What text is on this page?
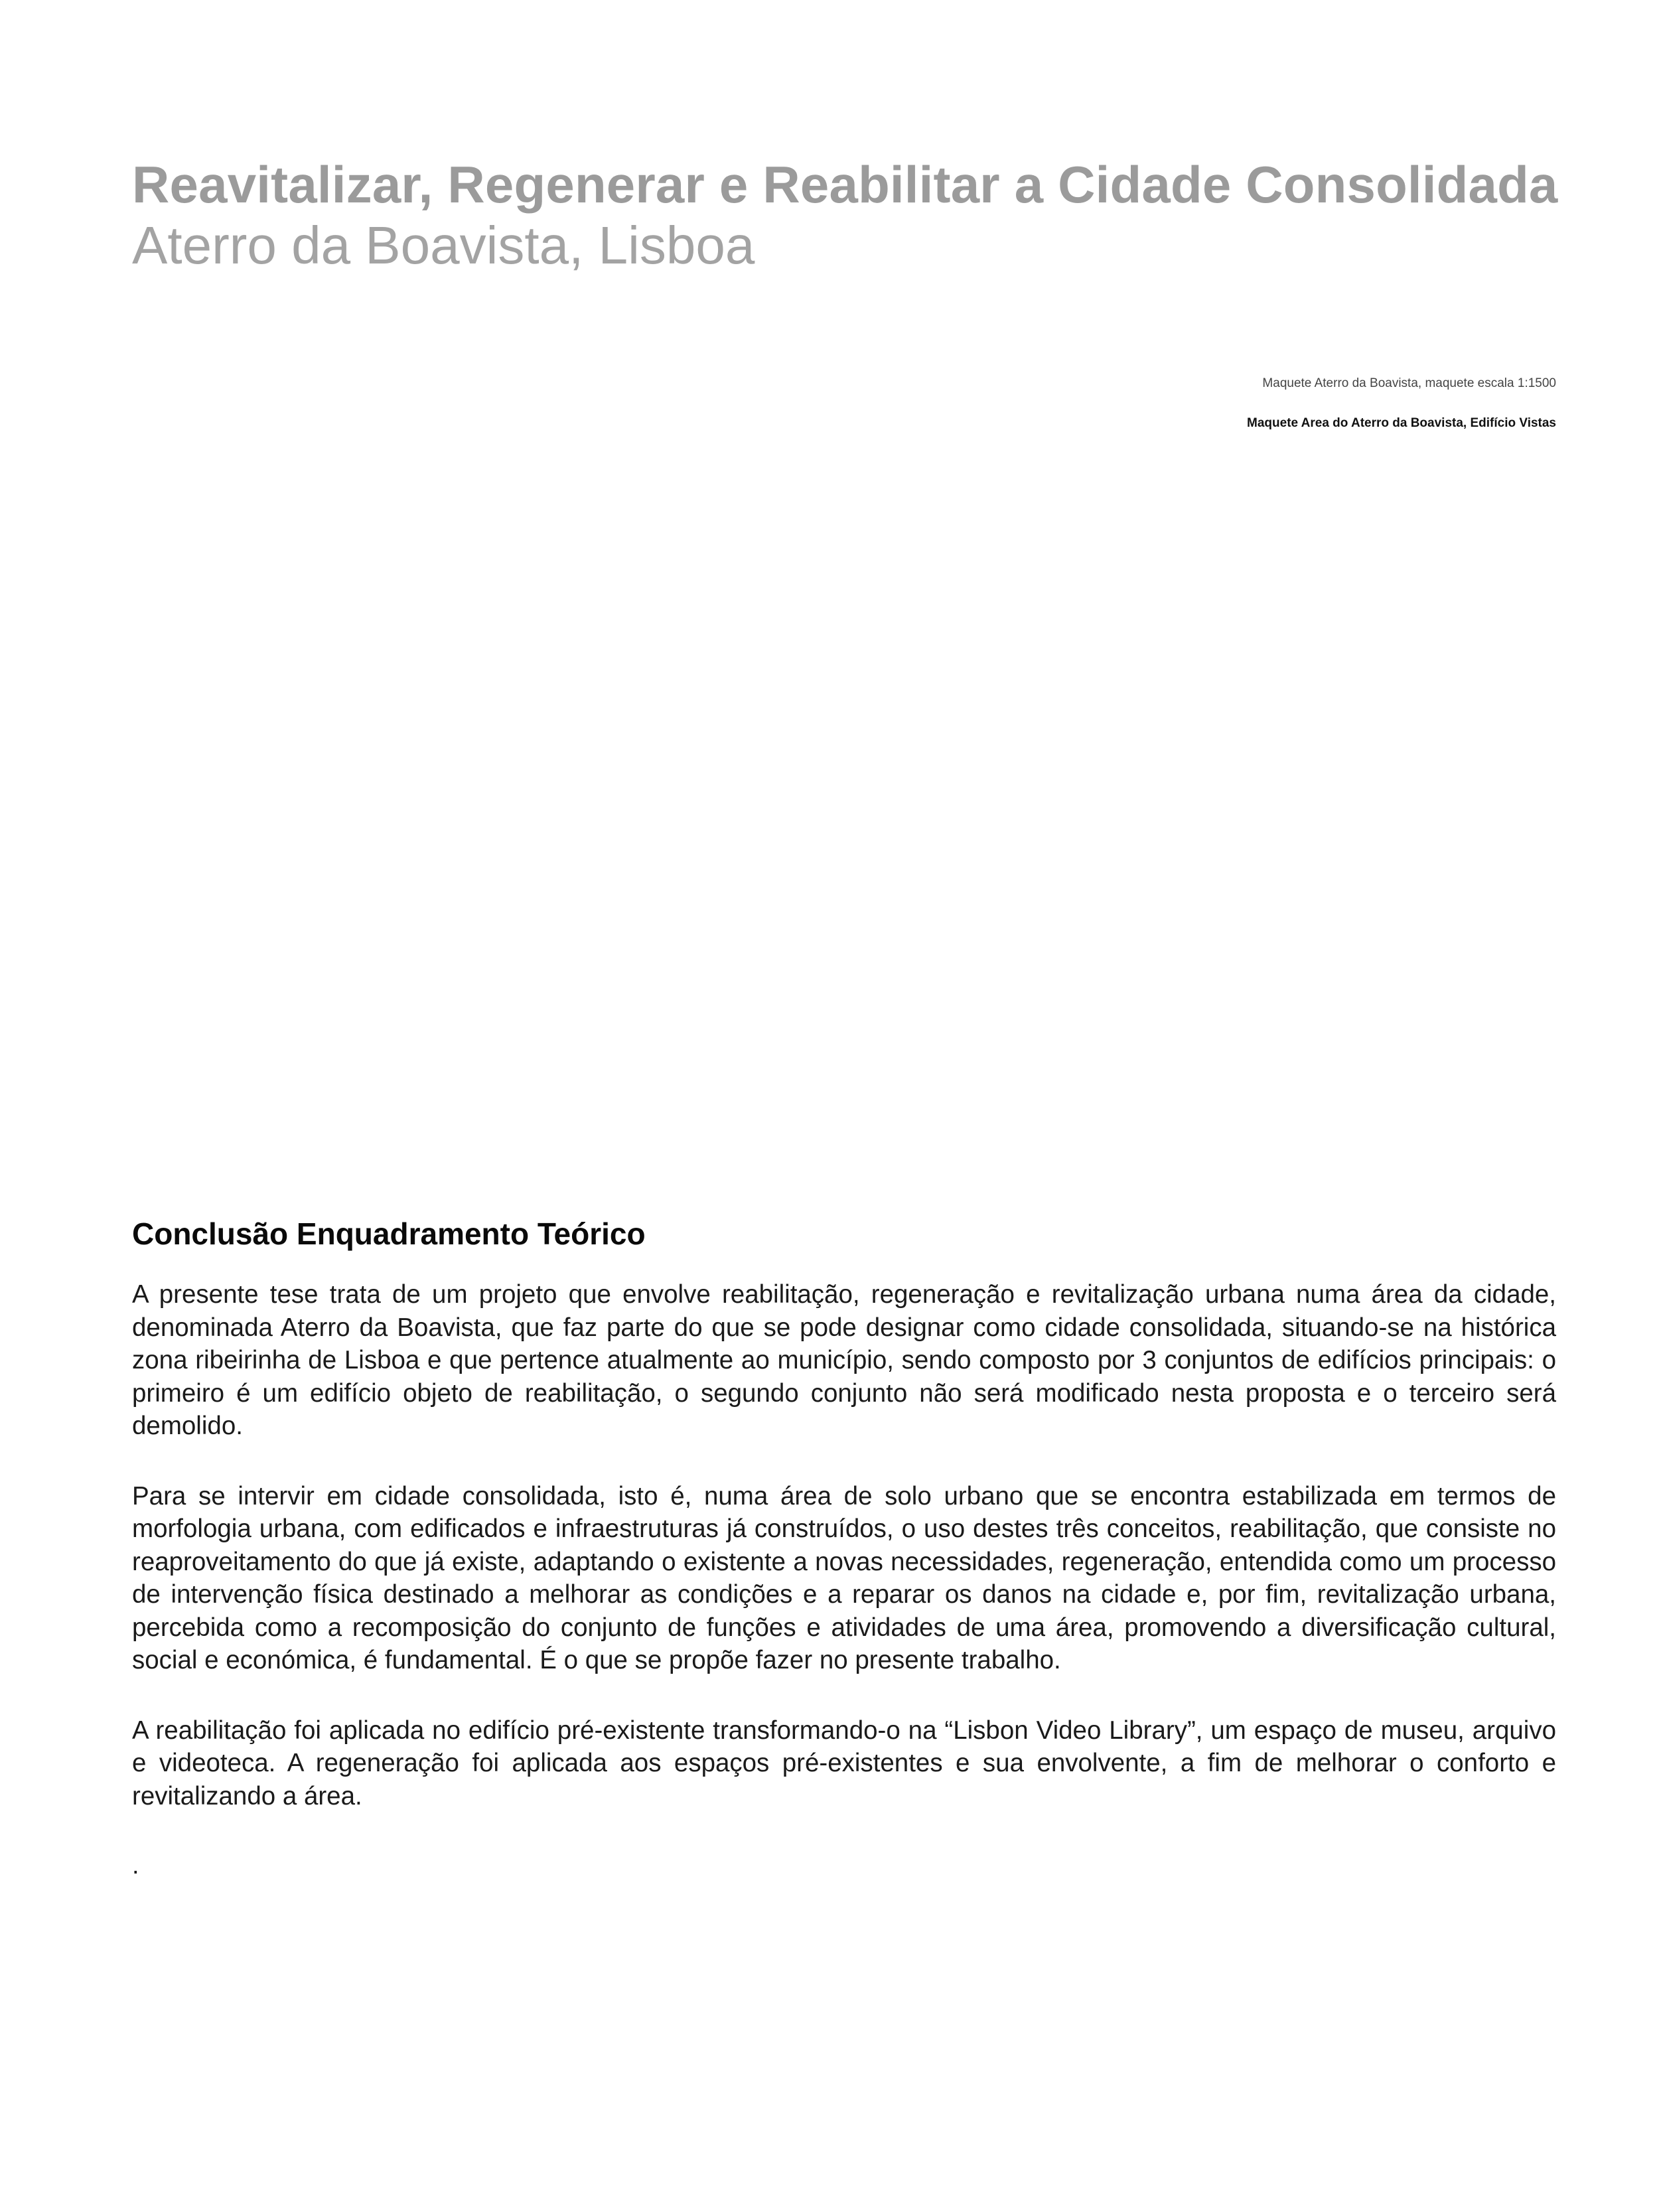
Reavitalizar, Regenerar e Reabilitar a Cidade Consolidada
Aterro da Boavista, Lisboa

Maquete Aterro da Boavista, maquete escala 1:1500

Maquete Area do Aterro da Boavista, Edifício Vistas

Conclusão Enquadramento Teórico

A presente tese trata de um projeto que envolve reabilitação, regeneração e revitalização urbana numa área da cidade, denominada Aterro da Boavista, que faz parte do que se pode designar como cidade consolidada, situando-se na histórica zona ribeirinha de Lisboa e que pertence atualmente ao município, sendo composto por 3 conjuntos de edifícios principais: o primeiro é um edifício objeto de reabilitação, o segundo conjunto não será modificado nesta proposta e o terceiro será demolido.

Para se intervir em cidade consolidada, isto é, numa área de solo urbano que se encontra estabilizada em termos de morfologia urbana, com edificados e infraestruturas já construídos, o uso destes três conceitos, reabilitação, que consiste no reaproveitamento do que já existe, adaptando o existente a novas necessidades, regeneração, entendida como um processo de intervenção física destinado a melhorar as condições e a reparar os danos na cidade e, por fim, revitalização urbana, percebida como a recomposição do conjunto de funções e atividades de uma área, promovendo a diversificação cultural, social e económica, é fundamental. É o que se propõe fazer no presente trabalho.

A reabilitação foi aplicada no edifício pré-existente transformando-o na “Lisbon Video Library”, um espaço de museu, arquivo e videoteca. A regeneração foi aplicada aos espaços pré-existentes e sua envolvente, a fim de melhorar o conforto e revitalizando a área.

.
